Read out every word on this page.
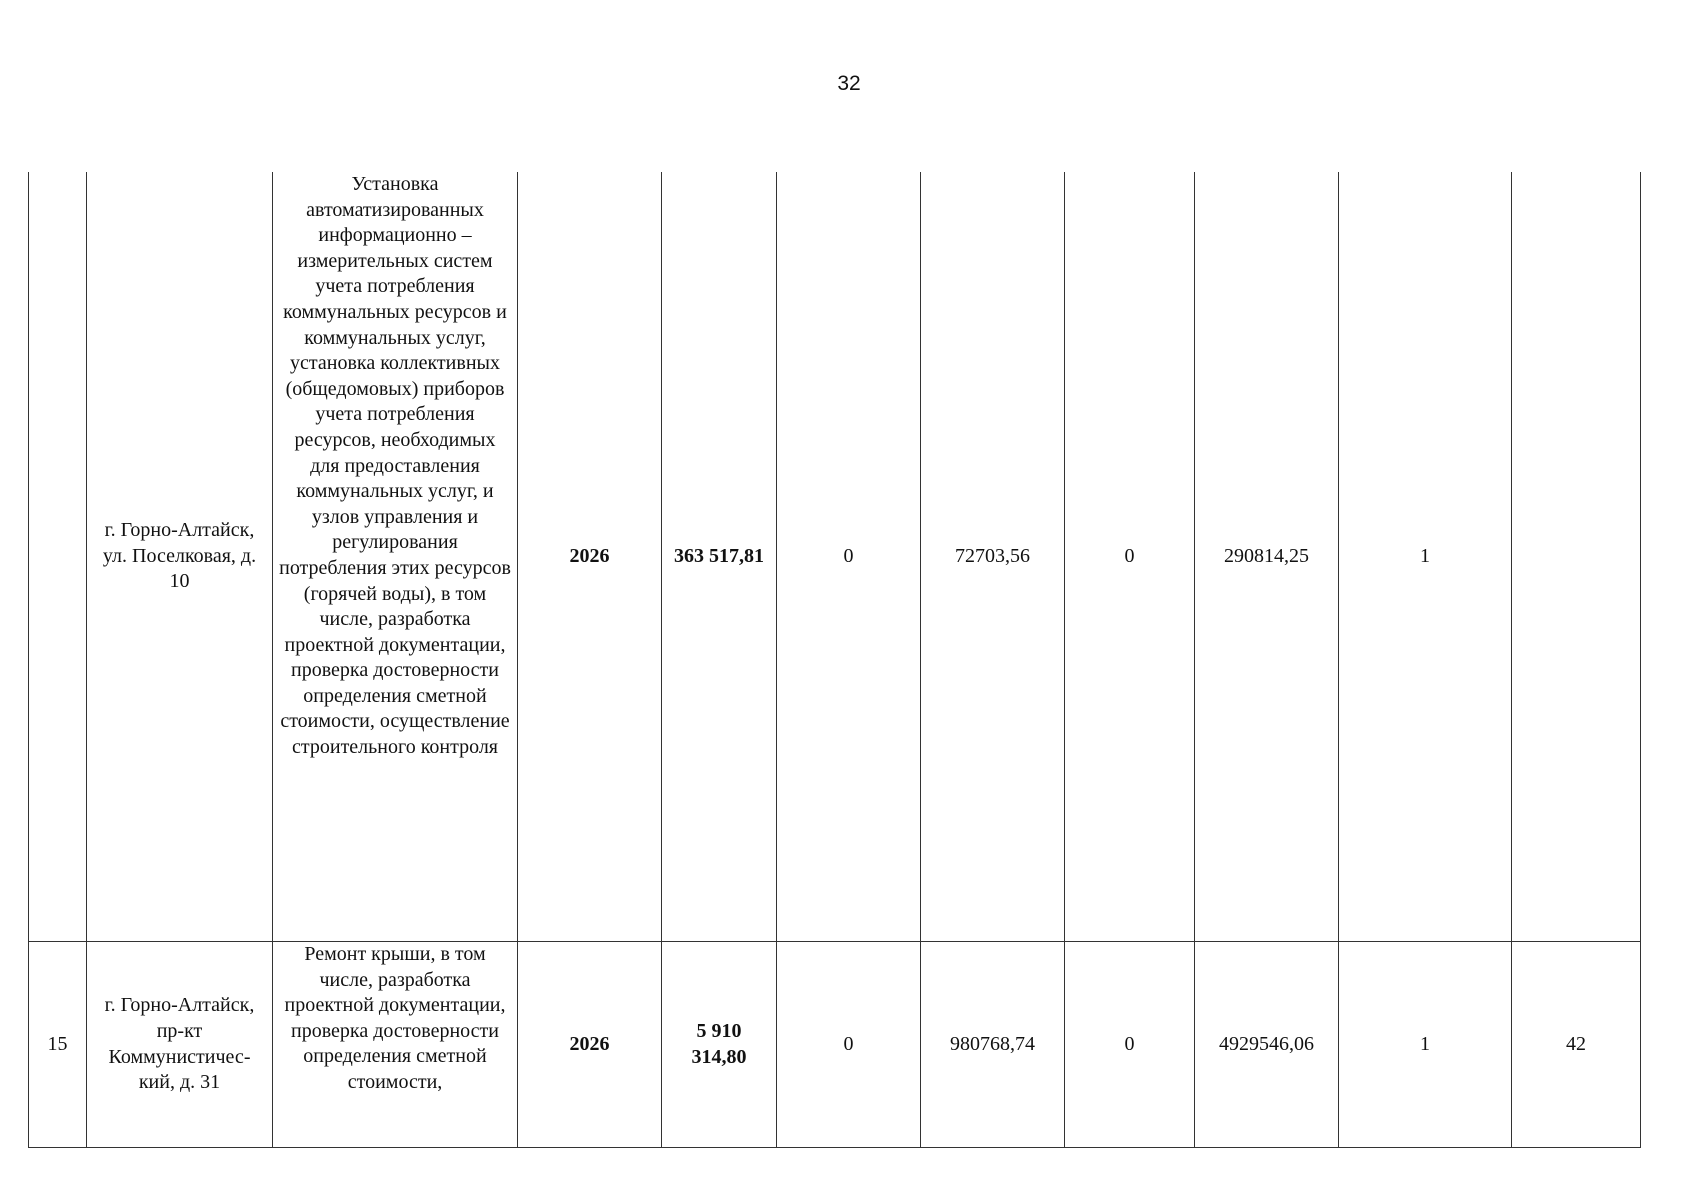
32
	г. Горно-Алтайск, ул. Поселковая, д. 10	Установка автоматизированных информационно – измерительных систем учета потребления коммунальных ресурсов и коммунальных услуг, установка коллективных (общедомовых) приборов учета потребления ресурсов, необходимых для предоставления коммунальных услуг, и узлов управления и регулирования потребления этих ресурсов (горячей воды), в том числе, разработка проектной документации, проверка достоверности определения сметной стоимости, осуществление строительного контроля	2026	363 517,81	0	72703,56	0	290814,25	1	
15	г. Горно-Алтайск, пр-кт Коммунистичес-кий, д. 31	Ремонт крыши, в том числе, разработка проектной документации, проверка достоверности определения сметной стоимости,	2026	5 910 314,80	0	980768,74	0	4929546,06	1	42
